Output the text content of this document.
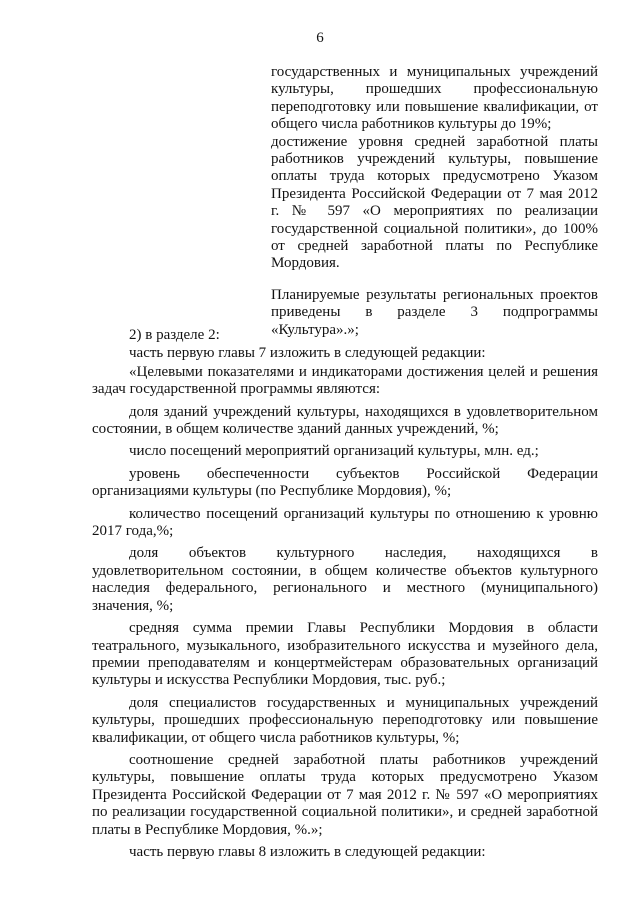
6

государственных и муниципальных учреждений культуры, прошедших профессиональную переподготовку или повышение квалификации, от общего числа работников культуры до 19%;

достижение уровня средней заработной платы работников учреждений культуры, повышение оплаты труда которых предусмотрено Указом Президента Российской Федерации от 7 мая 2012 г. № 597 «О мероприятиях по реализации государственной социальной политики», до 100% от средней заработной платы по Республике Мордовия.

Планируемые результаты региональных проектов приведены в разделе 3 подпрограммы «Культура».»;

2) в разделе 2:

часть первую главы 7 изложить в следующей редакции:

«Целевыми показателями и индикаторами достижения целей и решения задач государственной программы являются:

доля зданий учреждений культуры, находящихся в удовлетворительном состоянии, в общем количестве зданий данных учреждений, %;

число посещений мероприятий организаций культуры, млн. ед.;

уровень обеспеченности субъектов Российской Федерации организациями культуры (по Республике Мордовия), %;

количество посещений организаций культуры по отношению к уровню 2017 года,%;

доля объектов культурного наследия, находящихся в удовлетворительном состоянии, в общем количестве объектов культурного наследия федерального, регионального и местного (муниципального) значения, %;

средняя сумма премии Главы Республики Мордовия в области театрального, музыкального, изобразительного искусства и музейного дела, премии преподавателям и концертмейстерам образовательных организаций культуры и искусства Республики Мордовия, тыс. руб.;

доля специалистов государственных и муниципальных учреждений культуры, прошедших профессиональную переподготовку или повышение квалификации, от общего числа работников культуры, %;

соотношение средней заработной платы работников учреждений культуры, повышение оплаты труда которых предусмотрено Указом Президента Российской Федерации от 7 мая 2012 г. № 597 «О мероприятиях по реализации государственной социальной политики», и средней заработной платы в Республике Мордовия, %.»;

часть первую главы 8 изложить в следующей редакции:
